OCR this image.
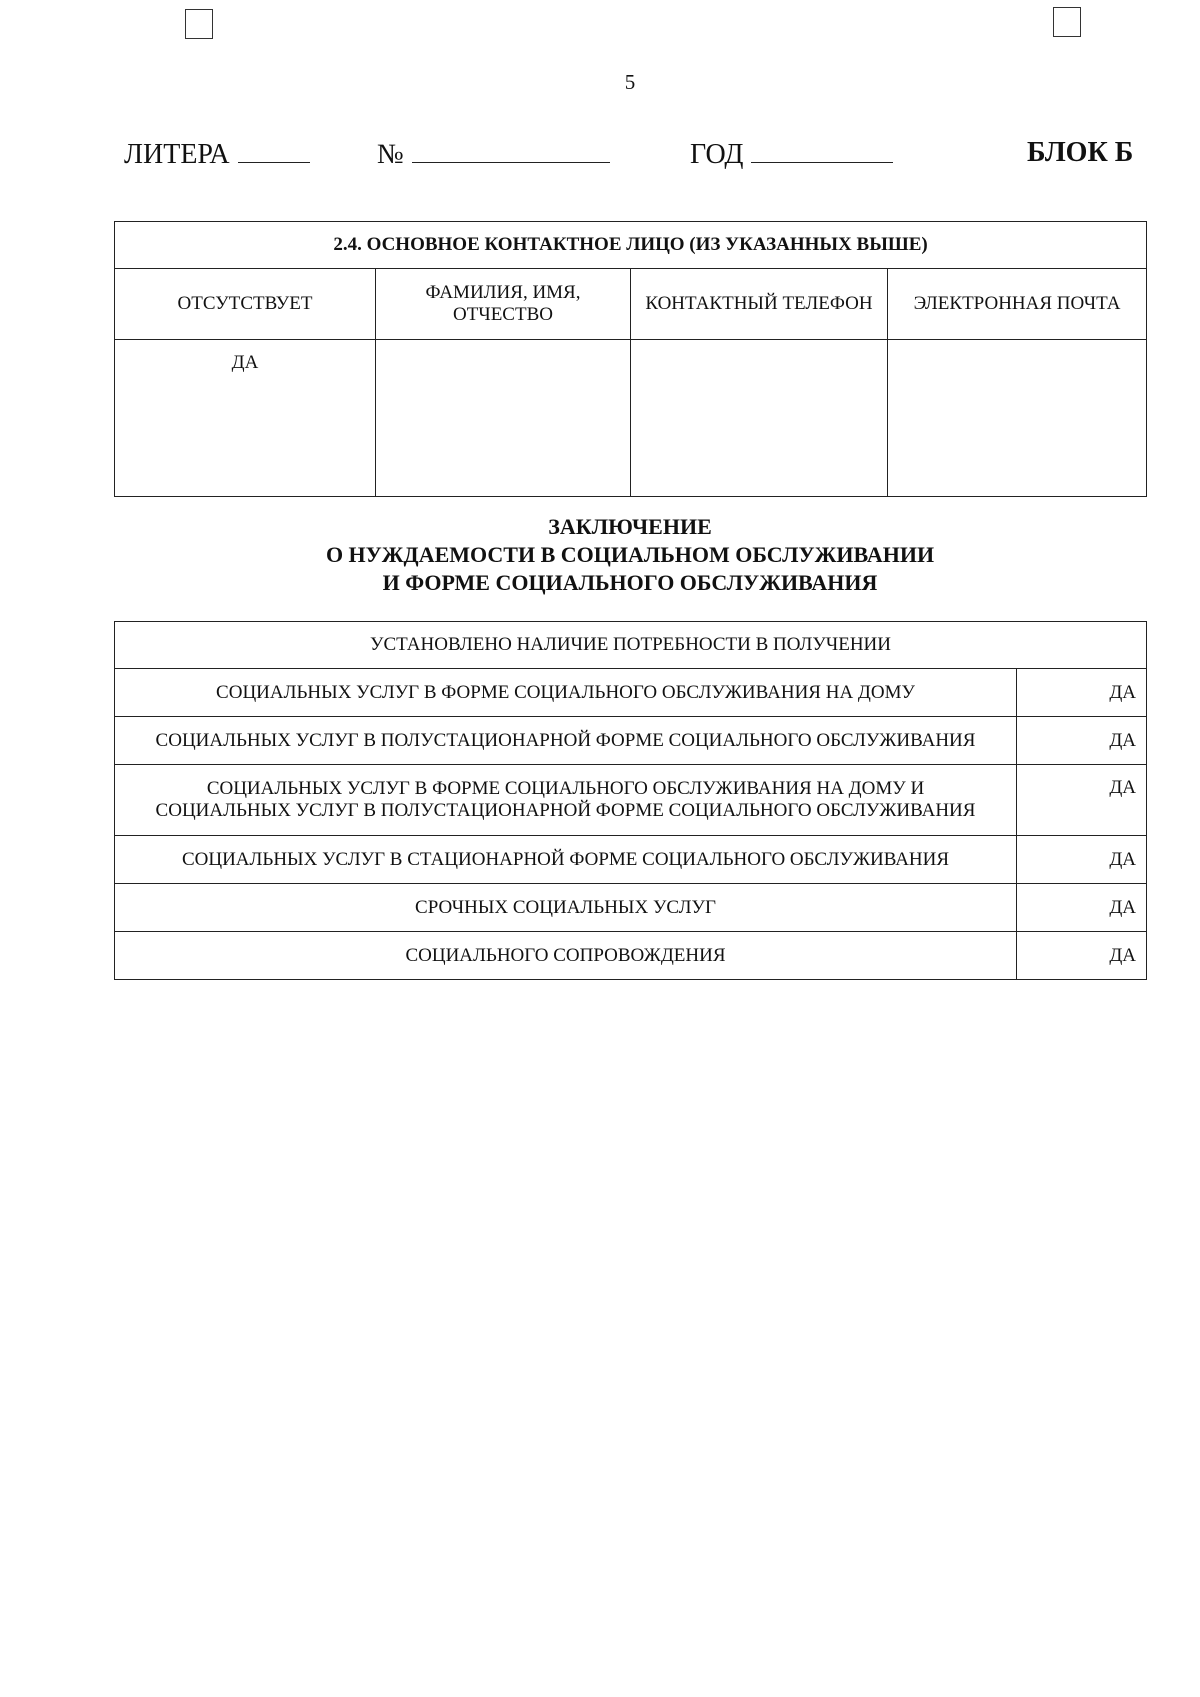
5
ЛИТЕРА	№	ГОД	БЛОК Б
2.4. ОСНОВНОЕ КОНТАКТНОЕ ЛИЦО (ИЗ УКАЗАННЫХ ВЫШЕ)			
ОТСУТСТВУЕТ	ФАМИЛИЯ, ИМЯ, ОТЧЕСТВО	КОНТАКТНЫЙ ТЕЛЕФОН	ЭЛЕКТРОННАЯ ПОЧТА
ДА			
ЗАКЛЮЧЕНИЕ
О НУЖДАЕМОСТИ В СОЦИАЛЬНОМ ОБСЛУЖИВАНИИ
И ФОРМЕ СОЦИАЛЬНОГО ОБСЛУЖИВАНИЯ
УСТАНОВЛЕНО НАЛИЧИЕ ПОТРЕБНОСТИ В ПОЛУЧЕНИИ	
СОЦИАЛЬНЫХ УСЛУГ В ФОРМЕ СОЦИАЛЬНОГО ОБСЛУЖИВАНИЯ НА ДОМУ	ДА
СОЦИАЛЬНЫХ УСЛУГ В ПОЛУСТАЦИОНАРНОЙ ФОРМЕ СОЦИАЛЬНОГО ОБСЛУЖИВАНИЯ	ДА

СОЦИАЛЬНЫХ УСЛУГ В ФОРМЕ СОЦИАЛЬНОГО ОБСЛУЖИВАНИЯ НА ДОМУ И
СОЦИАЛЬНЫХ УСЛУГ В ПОЛУСТАЦИОНАРНОЙ ФОРМЕ СОЦИАЛЬНОГО ОБСЛУЖИВАНИЯ	ДА
СОЦИАЛЬНЫХ УСЛУГ В СТАЦИОНАРНОЙ ФОРМЕ СОЦИАЛЬНОГО ОБСЛУЖИВАНИЯ	ДА
СРОЧНЫХ СОЦИАЛЬНЫХ УСЛУГ	ДА
СОЦИАЛЬНОГО СОПРОВОЖДЕНИЯ	ДА
